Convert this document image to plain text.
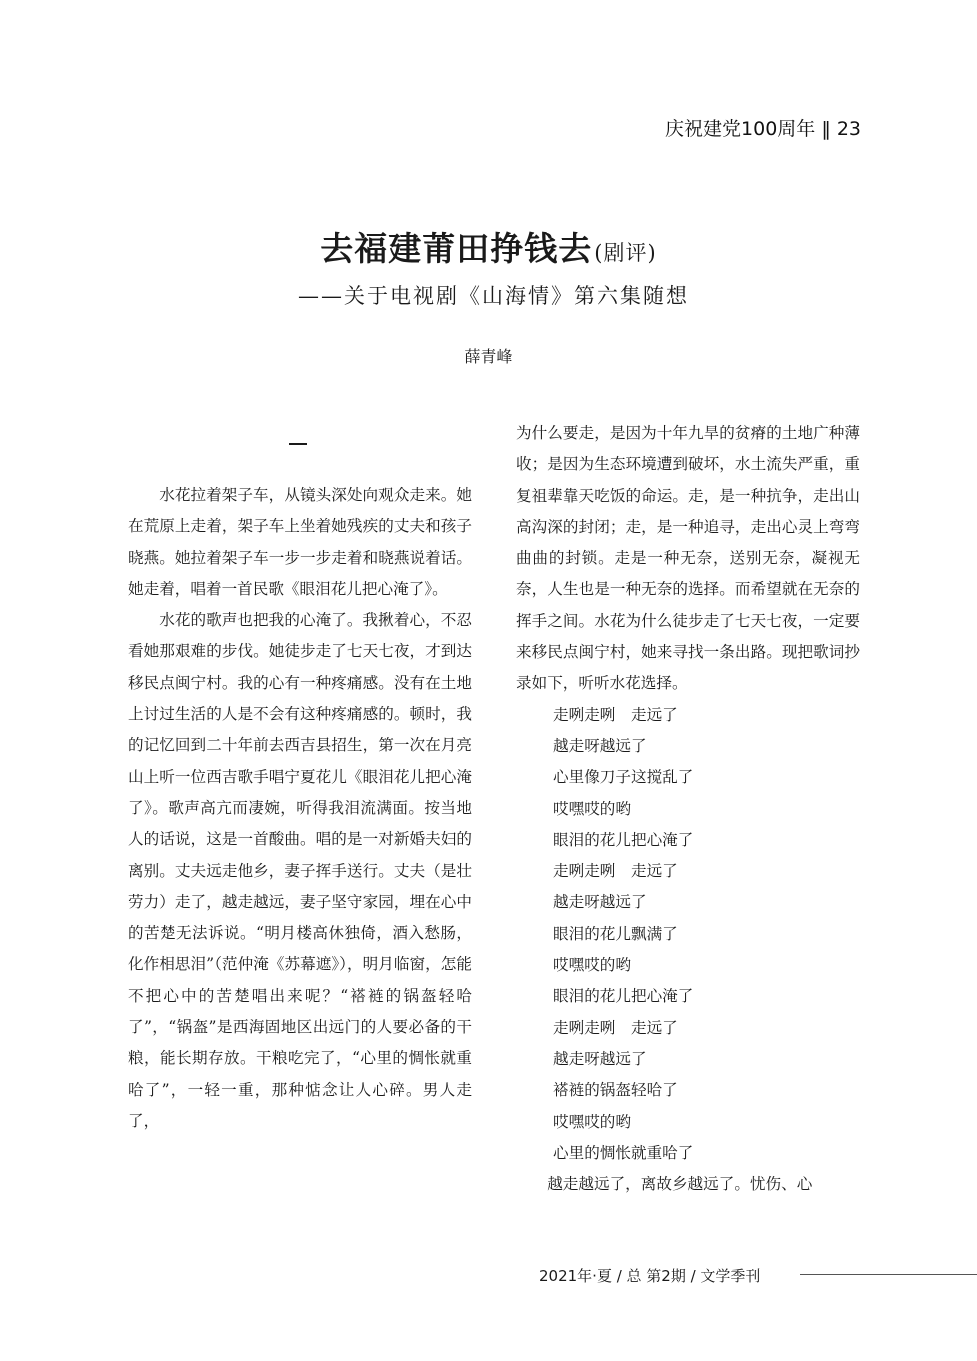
庆祝建党100周年 ‖ 23
去福建莆田挣钱去(剧评)
——关于电视剧《山海情》第六集随想
薛青峰

水花拉着架子车，从镜头深处向观众走来。她在荒原上走着，架子车上坐着她残疾的丈夫和孩子晓燕。她拉着架子车一步一步走着和晓燕说着话。她走着，唱着一首民歌《眼泪花儿把心淹了》。

水花的歌声也把我的心淹了。我揪着心，不忍看她那艰难的步伐。她徒步走了七天七夜，才到达移民点闽宁村。我的心有一种疼痛感。没有在土地上讨过生活的人是不会有这种疼痛感的。顿时，我的记忆回到二十年前去西吉县招生，第一次在月亮山上听一位西吉歌手唱宁夏花儿《眼泪花儿把心淹了》。歌声高亢而凄婉，听得我泪流满面。按当地人的话说，这是一首酸曲。唱的是一对新婚夫妇的离别。丈夫远走他乡，妻子挥手送行。丈夫（是壮劳力）走了，越走越远，妻子坚守家园，埋在心中的苦楚无法诉说。“明月楼高休独倚，酒入愁肠，化作相思泪”（范仲淹《苏幕遮》），明月临窗，怎能不把心中的苦楚唱出来呢？“褡裢的锅盔轻哈了”，“锅盔”是西海固地区出远门的人要必备的干粮，能长期存放。干粮吃完了，“心里的惆怅就重哈了”，一轻一重，那种惦念让人心碎。男人走了，

为什么要走，是因为十年九旱的贫瘠的土地广种薄收；是因为生态环境遭到破坏，水土流失严重，重复祖辈靠天吃饭的命运。走，是一种抗争，走出山高沟深的封闭；走，是一种追寻，走出心灵上弯弯曲曲的封锁。走是一种无奈，送别无奈，凝视无奈，人生也是一种无奈的选择。而希望就在无奈的挥手之间。水花为什么徒步走了七天七夜，一定要来移民点闽宁村，她来寻找一条出路。现把歌词抄录如下，听听水花选择。

走咧走咧　走远了
越走呀越远了
心里像刀子这搅乱了
哎嘿哎的哟
眼泪的花儿把心淹了
走咧走咧　走远了
越走呀越远了
眼泪的花儿飘满了
哎嘿哎的哟
眼泪的花儿把心淹了
走咧走咧　走远了
越走呀越远了
褡裢的锅盔轻哈了
哎嘿哎的哟
心里的惆怅就重哈了

越走越远了，离故乡越远了。忧伤、心

2021年·夏 / 总 第2期 / 文学季刊
